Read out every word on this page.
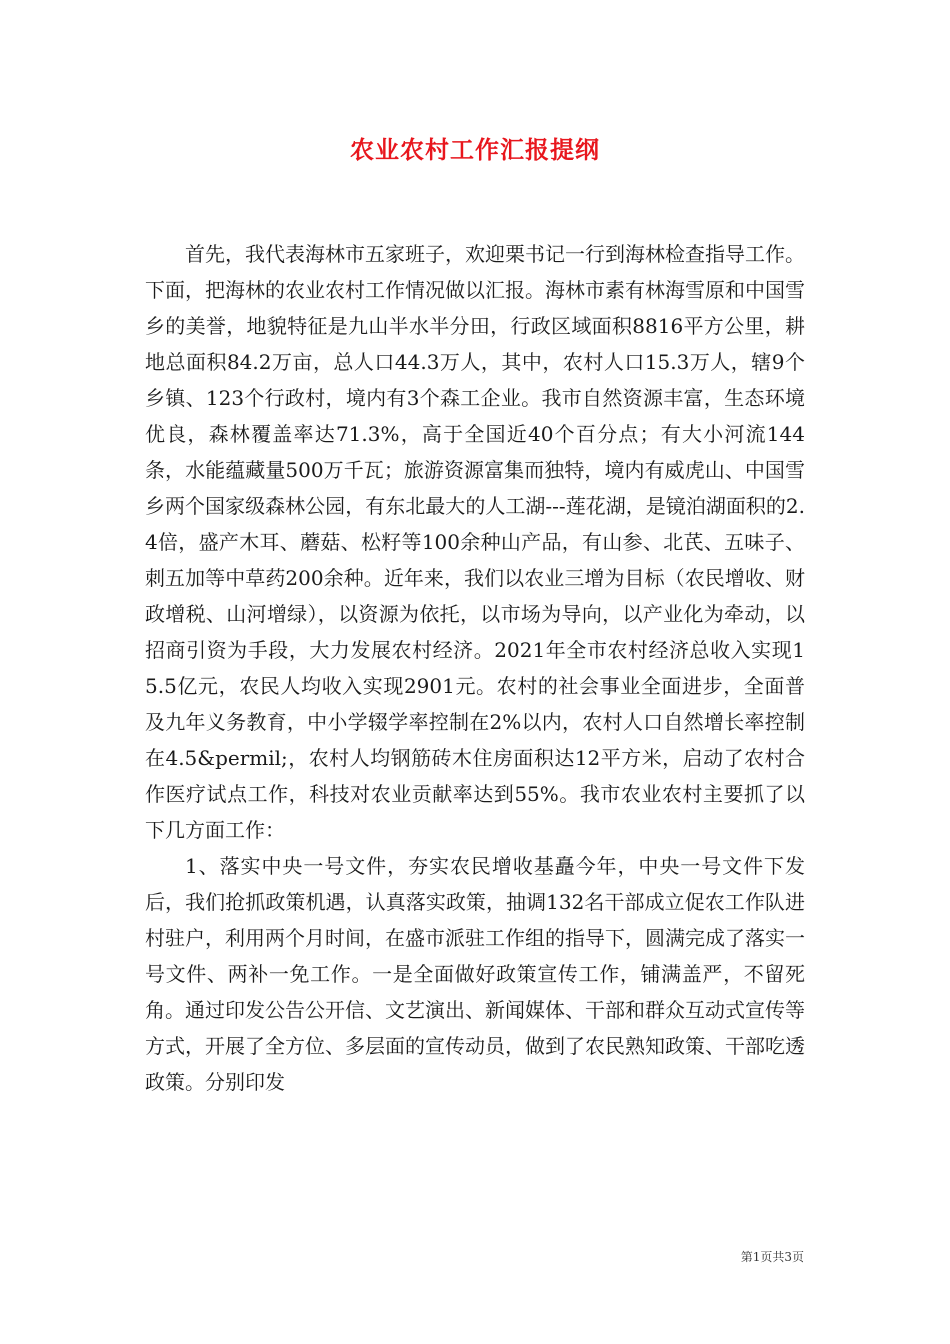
农业农村工作汇报提纲

首先，我代表海林市五家班子，欢迎栗书记一行到海林检查指导工作。下面，把海林的农业农村工作情况做以汇报。海林市素有林海雪原和中国雪乡的美誉，地貌特征是九山半水半分田，行政区域面积8816平方公里，耕地总面积84.2万亩，总人口44.3万人，其中，农村人口15.3万人，辖9个乡镇、123个行政村，境内有3个森工企业。我市自然资源丰富，生态环境优良，森林覆盖率达71.3%，高于全国近40个百分点；有大小河流144条，水能蕴藏量500万千瓦；旅游资源富集而独特，境内有威虎山、中国雪乡两个国家级森林公园，有东北最大的人工湖---莲花湖，是镜泊湖面积的2.4倍，盛产木耳、蘑菇、松籽等100余种山产品，有山参、北芪、五味子、刺五加等中草药200余种。近年来，我们以农业三增为目标（农民增收、财政增税、山河增绿），以资源为依托，以市场为导向，以产业化为牵动，以招商引资为手段，大力发展农村经济。2021年全市农村经济总收入实现15.5亿元，农民人均收入实现2901元。农村的社会事业全面进步，全面普及九年义务教育，中小学辍学率控制在2%以内，农村人口自然增长率控制在4.5&permil;，农村人均钢筋砖木住房面积达12平方米，启动了农村合作医疗试点工作，科技对农业贡献率达到55%。我市农业农村主要抓了以下几方面工作：

1、落实中央一号文件，夯实农民增收基矗今年，中央一号文件下发后，我们抢抓政策机遇，认真落实政策，抽调132名干部成立促农工作队进村驻户，利用两个月时间，在盛市派驻工作组的指导下，圆满完成了落实一号文件、两补一免工作。一是全面做好政策宣传工作，铺满盖严，不留死角。通过印发公告公开信、文艺演出、新闻媒体、干部和群众互动式宣传等方式，开展了全方位、多层面的宣传动员，做到了农民熟知政策、干部吃透政策。分别印发

第1页共3页
